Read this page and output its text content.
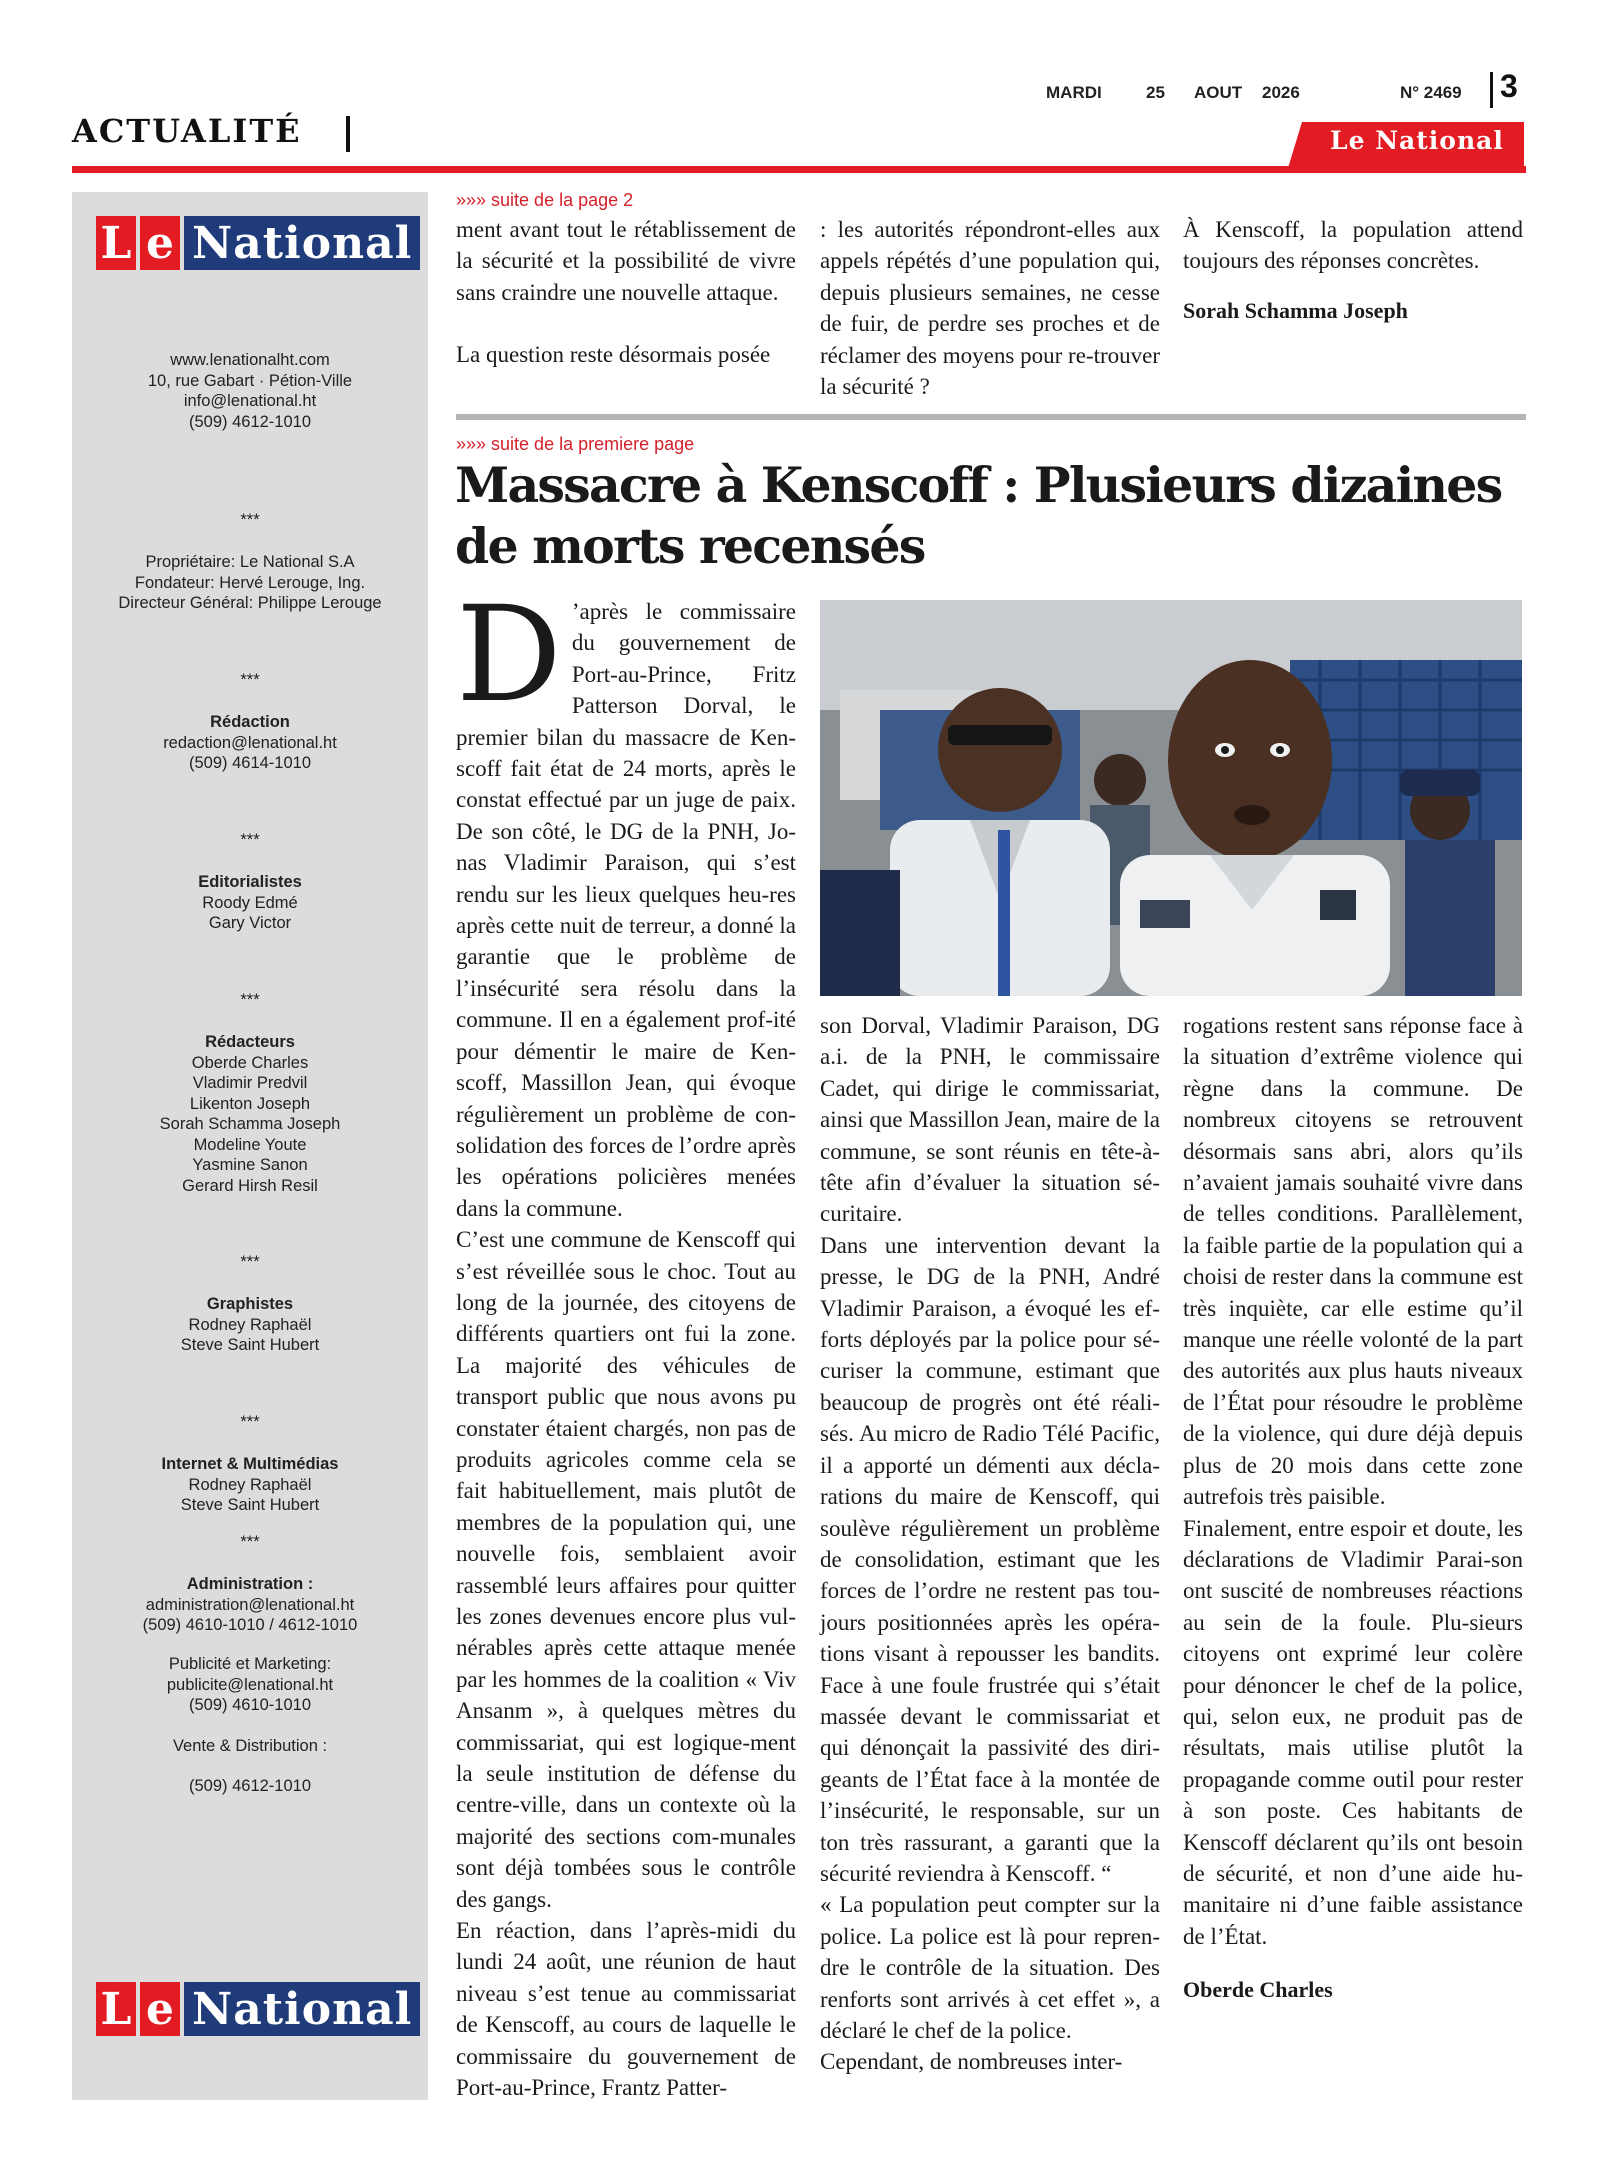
ACTUALITÉ
MARDI	25 AOUT 2026	N° 2469 3
Le National
L e National
www.lenationalht.com
10, rue Gabart · Pétion-Ville
info@lenational.ht
(509) 4612-1010
***
Propriétaire: Le National S.A
Fondateur: Hervé Lerouge, Ing.
Directeur Général: Philippe Lerouge
***
Rédaction
redaction@lenational.ht
(509) 4614-1010
***
Editorialistes
Roody Edmé
Gary Victor
***
Rédacteurs
Oberde Charles
Vladimir Predvil
Likenton Joseph
Sorah Schamma Joseph
Modeline Youte
Yasmine Sanon
Gerard Hirsh Resil
***
Graphistes
Rodney Raphaël
Steve Saint Hubert
***
Internet & Multimédias
Rodney Raphaël
Steve Saint Hubert
***
Administration :
administration@lenational.ht
(509) 4610-1010 / 4612-1010
Publicité et Marketing:
publicite@lenational.ht
(509) 4610-1010
Vente & Distribution :
(509) 4612-1010
L e National
»»» suite de la page 2

ment avant tout le rétablissement de la sécurité et la possibilité de vivre sans craindre une nouvelle attaque.

La question reste désormais posée

: les autorités répondront-elles aux appels répétés d’une population qui, depuis plusieurs semaines, ne cesse de fuir, de perdre ses proches et de réclamer des moyens pour re-trouver la sécurité ?

À Kenscoff, la population attend toujours des réponses concrètes.

Sorah Schamma Joseph

»»» suite de la premiere page
Massacre à Kenscoff : Plusieurs dizaines de morts recensés

D ’après le commissaire du gouvernement de Port-au-Prince, Fritz Patterson Dorval, le premier bilan du massacre de Ken-scoff fait état de 24 morts, après le constat effectué par un juge de paix. De son côté, le DG de la PNH, Jo-nas Vladimir Paraison, qui s’est rendu sur les lieux quelques heu-res après cette nuit de terreur, a donné la garantie que le problème de l’insécurité sera résolu dans la commune. Il en a également prof-ité pour démentir le maire de Ken-scoff, Massillon Jean, qui évoque régulièrement un problème de con-solidation des forces de l’ordre après les opérations policières menées dans la commune.

C’est une commune de Kenscoff qui s’est réveillée sous le choc. Tout au long de la journée, des citoyens de différents quartiers ont fui la zone. La majorité des véhicules de transport public que nous avons pu constater étaient chargés, non pas de produits agricoles comme cela se fait habituellement, mais plutôt de membres de la population qui, une nouvelle fois, semblaient avoir rassemblé leurs affaires pour quitter les zones devenues encore plus vul-nérables après cette attaque menée par les hommes de la coalition « Viv Ansanm », à quelques mètres du commissariat, qui est logique-ment la seule institution de défense du centre-ville, dans un contexte où la majorité des sections com-munales sont déjà tombées sous le contrôle des gangs.

En réaction, dans l’après-midi du lundi 24 août, une réunion de haut niveau s’est tenue au commissariat de Kenscoff, au cours de laquelle le commissaire du gouvernement de Port-au-Prince, Frantz Patter-

son Dorval, Vladimir Paraison, DG a.i. de la PNH, le commissaire Cadet, qui dirige le commissariat, ainsi que Massillon Jean, maire de la commune, se sont réunis en tête-à-tête afin d’évaluer la situation sé-curitaire.

Dans une intervention devant la presse, le DG de la PNH, André Vladimir Paraison, a évoqué les ef-forts déployés par la police pour sé-curiser la commune, estimant que beaucoup de progrès ont été réali-sés. Au micro de Radio Télé Pacific, il a apporté un démenti aux décla-rations du maire de Kenscoff, qui soulève régulièrement un problème de consolidation, estimant que les forces de l’ordre ne restent pas tou-jours positionnées après les opéra-tions visant à repousser les bandits. Face à une foule frustrée qui s’était massée devant le commissariat et qui dénonçait la passivité des diri-geants de l’État face à la montée de l’insécurité, le responsable, sur un ton très rassurant, a garanti que la sécurité reviendra à Kenscoff. “

« La population peut compter sur la police. La police est là pour repren-dre le contrôle de la situation. Des renforts sont arrivés à cet effet », a déclaré le chef de la police.

Cependant, de nombreuses inter-

rogations restent sans réponse face à la situation d’extrême violence qui règne dans la commune. De nombreux citoyens se retrouvent désormais sans abri, alors qu’ils n’avaient jamais souhaité vivre dans de telles conditions. Parallèlement, la faible partie de la population qui a choisi de rester dans la commune est très inquiète, car elle estime qu’il manque une réelle volonté de la part des autorités aux plus hauts niveaux de l’État pour résoudre le problème de la violence, qui dure déjà depuis plus de 20 mois dans cette zone autrefois très paisible.

Finalement, entre espoir et doute, les déclarations de Vladimir Parai-son ont suscité de nombreuses réactions au sein de la foule. Plu-sieurs citoyens ont exprimé leur colère pour dénoncer le chef de la police, qui, selon eux, ne produit pas de résultats, mais utilise plutôt la propagande comme outil pour rester à son poste. Ces habitants de Kenscoff déclarent qu’ils ont besoin de sécurité, et non d’une aide hu-manitaire ni d’une faible assistance de l’État.

Oberde Charles
